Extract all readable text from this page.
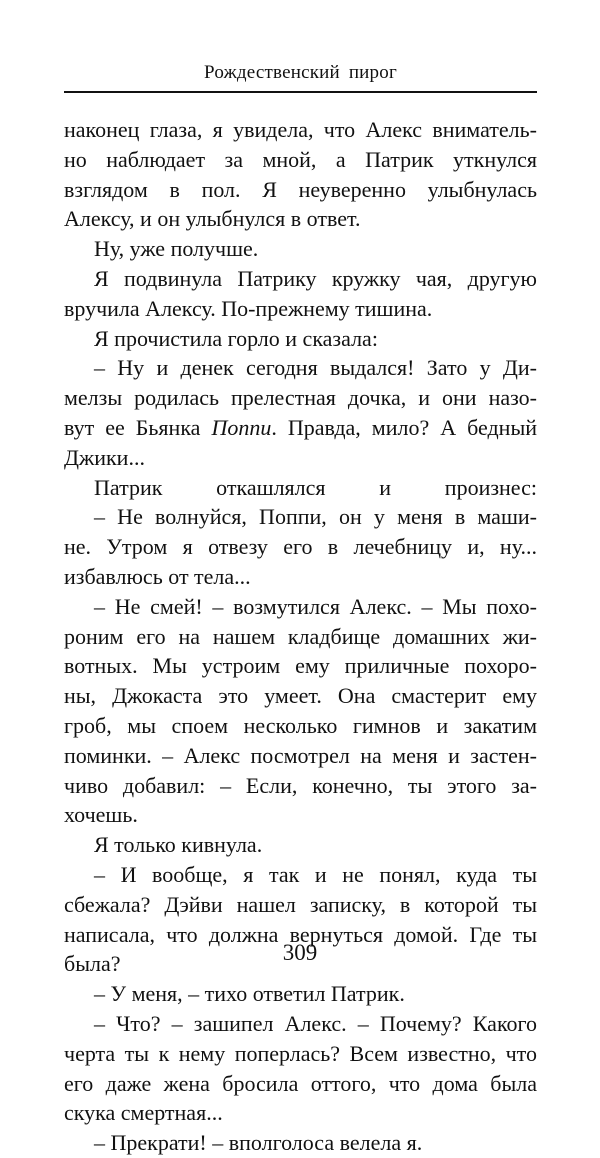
Рождественский пирог
наконец глаза, я увидела, что Алекс вниматель-
но наблюдает за мной, а Патрик уткнулся
взглядом в пол. Я неуверенно улыбнулась
Алексу, и он улыбнулся в ответ.
Ну, уже получше.
Я подвинула Патрику кружку чая, другую
вручила Алексу. По-прежнему тишина.
Я прочистила горло и сказала:
– Ну и денек сегодня выдался! Зато у Ди-
мелзы родилась прелестная дочка, и они назо-
вут ее Бьянка Поппи. Правда, мило? А бедный
Джики...
Патрик откашлялся и произнес:
– Не волнуйся, Поппи, он у меня в маши-
не. Утром я отвезу его в лечебницу и, ну...
избавлюсь от тела...
– Не смей! – возмутился Алекс. – Мы похо-
роним его на нашем кладбище домашних жи-
вотных. Мы устроим ему приличные похоро-
ны, Джокаста это умеет. Она смастерит ему
гроб, мы споем несколько гимнов и закатим
поминки. – Алекс посмотрел на меня и застен-
чиво добавил: – Если, конечно, ты этого за-
хочешь.
Я только кивнула.
– И вообще, я так и не понял, куда ты
сбежала? Дэйви нашел записку, в которой ты
написала, что должна вернуться домой. Где ты
была?
– У меня, – тихо ответил Патрик.
– Что? – зашипел Алекс. – Почему? Какого
черта ты к нему поперлась? Всем известно, что
его даже жена бросила оттого, что дома была
скука смертная...
– Прекрати! – вполголоса велела я.
309
